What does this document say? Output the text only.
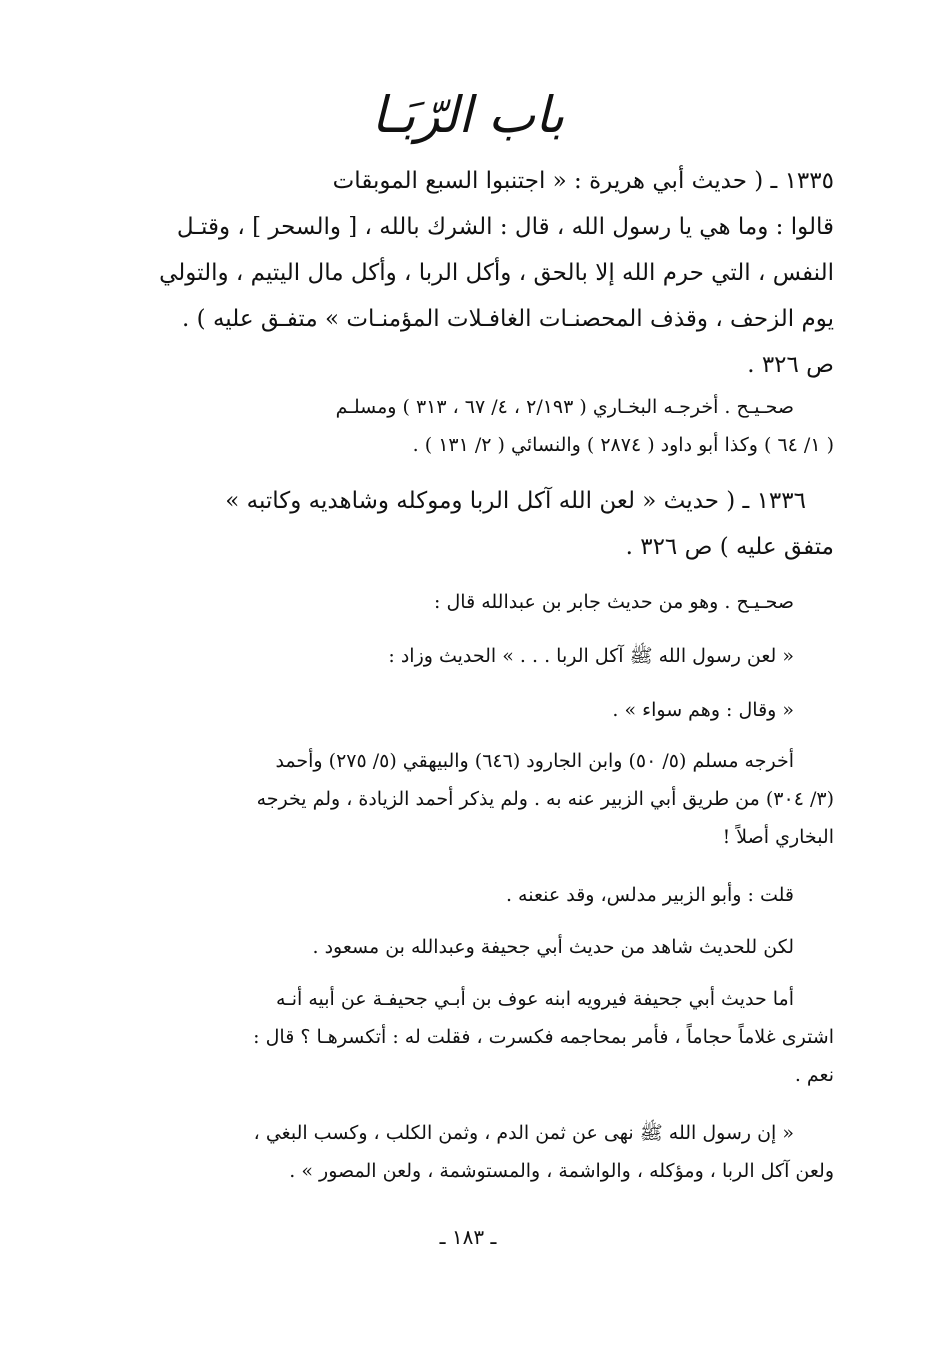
باب الرّبَـا
١٣٣٥ ـ ( حديث أبي هريرة : « اجتنبوا السبع الموبقات
قالوا : وما هي يا رسول الله ، قال : الشرك بالله ، [ والسحر ] ، وقتـل
النفس ، التي حرم الله إلا بالحق ، وأكل الربا ، وأكل مال اليتيم ، والتولي
يوم الزحف ، وقذف المحصنـات الغافـلات المؤمنـات » متفـق عليه ) .
ص ٣٢٦ .
صحـيـح . أخرجـه البخـاري ( ٢/١٩٣ ، ٤/ ٦٧ ، ٣١٣ ) ومسلـم
( ١/ ٦٤ ) وكذا أبو داود ( ٢٨٧٤ ) والنسائي ( ٢/ ١٣١ ) .
١٣٣٦ ـ ( حديث « لعن الله آكل الربا وموكله وشاهديه وكاتبه »
متفق عليه ) ص ٣٢٦ .
صحـيـح . وهو من حديث جابر بن عبدالله قال :
« لعن رسول الله ﷺ آكل الربا . . . » الحديث وزاد :
« وقال : وهم سواء » .
أخرجه مسلم (٥/ ٥٠) وابن الجارود (٦٤٦) والبيهقي (٥/ ٢٧٥) وأحمد
(٣/ ٣٠٤) من طريق أبي الزبير عنه به . ولم يذكر أحمد الزيادة ، ولم يخرجه
البخاري أصلاً !
قلت : وأبو الزبير مدلس، وقد عنعنه .
لكن للحديث شاهد من حديث أبي جحيفة وعبدالله بن مسعود .
أما حديث أبي جحيفة فيرويه ابنه عوف بن أبـي جحيفـة عن أبيه أنـه
اشترى غلاماً حجاماً ، فأمر بمحاجمه فكسرت ، فقلت له : أتكسرهـا ؟ قال :
نعم .
« إن رسول الله ﷺ نهى عن ثمن الدم ، وثمن الكلب ، وكسب البغي ،
ولعن آكل الربا ، ومؤكله ، والواشمة ، والمستوشمة ، ولعن المصور » .
ـ ١٨٣ ـ
